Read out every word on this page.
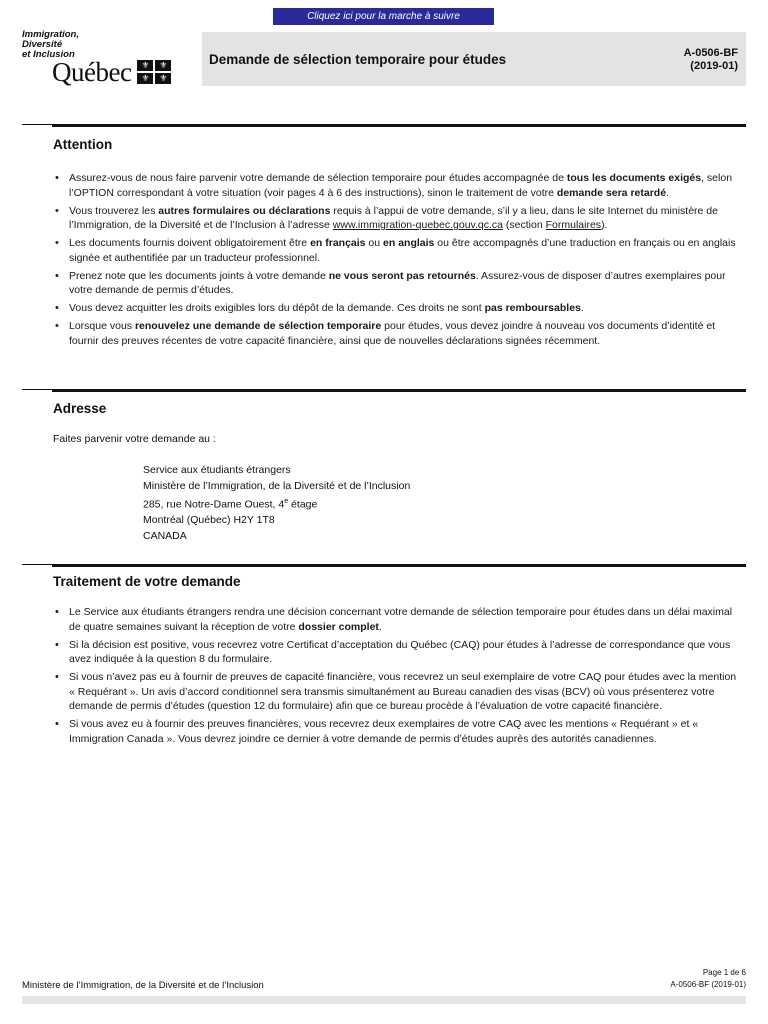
Cliquez ici pour la marche à suivre
Immigration,
Diversité
et Inclusion
Québec	⚜	⚜
⚜	⚜
Demande de sélection temporaire pour études	A-0506-BF
(2019-01)
Attention
• Assurez-vous de nous faire parvenir votre demande de sélection temporaire pour études accompagnée de tous les documents exigés, selon l’OPTION correspondant à votre situation (voir pages 4 à 6 des instructions), sinon le traitement de votre demande sera retardé.
• Vous trouverez les autres formulaires ou déclarations requis à l’appui de votre demande, s’il y a lieu, dans le site Internet du ministère de l’Immigration, de la Diversité et de l’Inclusion à l’adresse www.immigration-quebec.gouv.qc.ca (section Formulaires).
• Les documents fournis doivent obligatoirement être en français ou en anglais ou être accompagnés d’une traduction en français ou en anglais signée et authentifiée par un traducteur professionnel.
• Prenez note que les documents joints à votre demande ne vous seront pas retournés. Assurez-vous de disposer d’autres exemplaires pour votre demande de permis d’études.
• Vous devez acquitter les droits exigibles lors du dépôt de la demande. Ces droits ne sont pas remboursables.
• Lorsque vous renouvelez une demande de sélection temporaire pour études, vous devez joindre à nouveau vos documents d’identité et fournir des preuves récentes de votre capacité financière, ainsi que de nouvelles déclarations signées récemment.
Adresse
Faites parvenir votre demande au :
Service aux étudiants étrangers
Ministère de l’Immigration, de la Diversité et de l’Inclusion
285, rue Notre-Dame Ouest, 4e étage
Montréal (Québec) H2Y 1T8
CANADA
Traitement de votre demande
• Le Service aux étudiants étrangers rendra une décision concernant votre demande de sélection temporaire pour études dans un délai maximal de quatre semaines suivant la réception de votre dossier complet.
• Si la décision est positive, vous recevrez votre Certificat d’acceptation du Québec (CAQ) pour études à l’adresse de correspondance que vous avez indiquée à la question 8 du formulaire.
• Si vous n’avez pas eu à fournir de preuves de capacité financière, vous recevrez un seul exemplaire de votre CAQ pour études avec la mention « Requérant ». Un avis d’accord conditionnel sera transmis simultanément au Bureau canadien des visas (BCV) où vous présenterez votre demande de permis d’études (question 12 du formulaire) afin que ce bureau procède à l’évaluation de votre capacité financière.
• Si vous avez eu à fournir des preuves financières, vous recevrez deux exemplaires de votre CAQ avec les mentions « Requérant » et « Immigration Canada ». Vous devrez joindre ce dernier à votre demande de permis d’études auprès des autorités canadiennes.
Ministère de l’Immigration, de la Diversité et de l’Inclusion
Page 1 de 6
A-0506-BF (2019-01)
